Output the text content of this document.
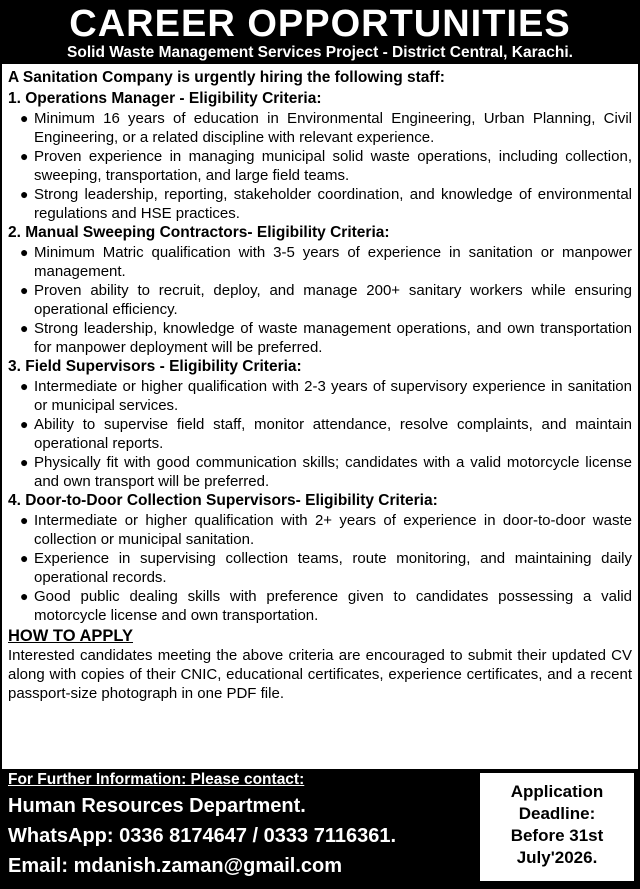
CAREER OPPORTUNITIES
Solid Waste Management Services Project - District Central, Karachi.
A Sanitation Company is urgently hiring the following staff:
1. Operations Manager - Eligibility Criteria:
● Minimum 16 years of education in Environmental Engineering, Urban Planning, Civil Engineering, or a related discipline with relevant experience.
● Proven experience in managing municipal solid waste operations, including collection, sweeping, transportation, and large field teams.
● Strong leadership, reporting, stakeholder coordination, and knowledge of environmental regulations and HSE practices.
2. Manual Sweeping Contractors- Eligibility Criteria:
● Minimum Matric qualification with 3-5 years of experience in sanitation or manpower management.
● Proven ability to recruit, deploy, and manage 200+ sanitary workers while ensuring operational efficiency.
● Strong leadership, knowledge of waste management operations, and own transportation for manpower deployment will be preferred.
3. Field Supervisors - Eligibility Criteria:
● Intermediate or higher qualification with 2-3 years of supervisory experience in sanitation or municipal services.
● Ability to supervise field staff, monitor attendance, resolve complaints, and maintain operational reports.
● Physically fit with good communication skills; candidates with a valid motorcycle license and own transport will be preferred.
4. Door-to-Door Collection Supervisors- Eligibility Criteria:
● Intermediate or higher qualification with 2+ years of experience in door-to-door waste collection or municipal sanitation.
● Experience in supervising collection teams, route monitoring, and maintaining daily operational records.
● Good public dealing skills with preference given to candidates possessing a valid motorcycle license and own transportation.
HOW TO APPLY
Interested candidates meeting the above criteria are encouraged to submit their updated CV along with copies of their CNIC, educational certificates, experience certificates, and a recent passport-size photograph in one PDF file.
For Further Information: Please contact:
Human Resources Department.
WhatsApp: 0336 8174647 / 0333 7116361.
Email: mdanish.zaman@gmail.com
Application
Deadline:
Before 31st
July'2026.
